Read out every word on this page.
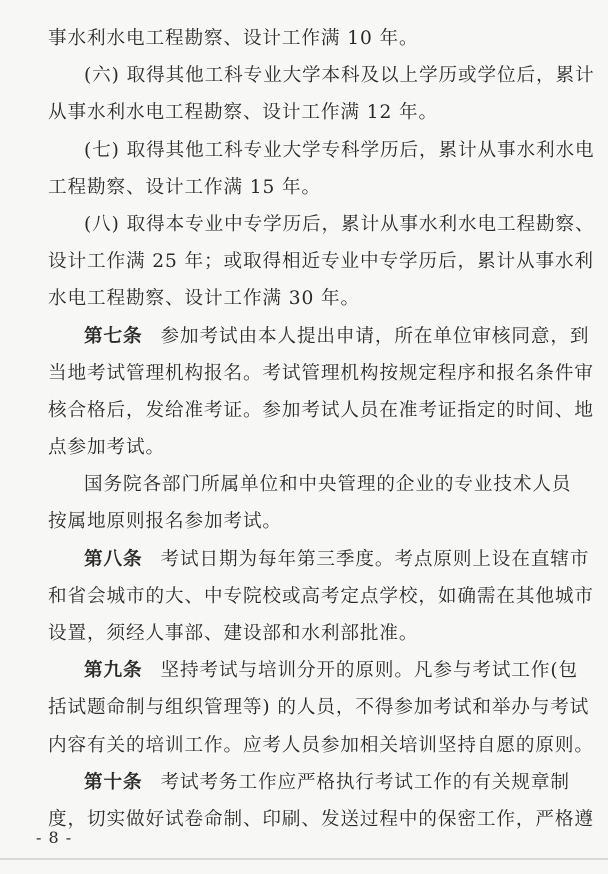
事水利水电工程勘察、设计工作满 10 年。
(六) 取得其他工科专业大学本科及以上学历或学位后，累计
从事水利水电工程勘察、设计工作满 12 年。
(七) 取得其他工科专业大学专科学历后，累计从事水利水电
工程勘察、设计工作满 15 年。
(八) 取得本专业中专学历后，累计从事水利水电工程勘察、
设计工作满 25 年；或取得相近专业中专学历后，累计从事水利
水电工程勘察、设计工作满 30 年。
第七条 参加考试由本人提出申请，所在单位审核同意，到
当地考试管理机构报名。考试管理机构按规定程序和报名条件审
核合格后，发给准考证。参加考试人员在准考证指定的时间、地
点参加考试。
国务院各部门所属单位和中央管理的企业的专业技术人员
按属地原则报名参加考试。
第八条 考试日期为每年第三季度。考点原则上设在直辖市
和省会城市的大、中专院校或高考定点学校，如确需在其他城市
设置，须经人事部、建设部和水利部批准。
第九条 坚持考试与培训分开的原则。凡参与考试工作(包
括试题命制与组织管理等) 的人员，不得参加考试和举办与考试
内容有关的培训工作。应考人员参加相关培训坚持自愿的原则。
第十条 考试考务工作应严格执行考试工作的有关规章制
度，切实做好试卷命制、印刷、发送过程中的保密工作，严格遵
- 8 -
